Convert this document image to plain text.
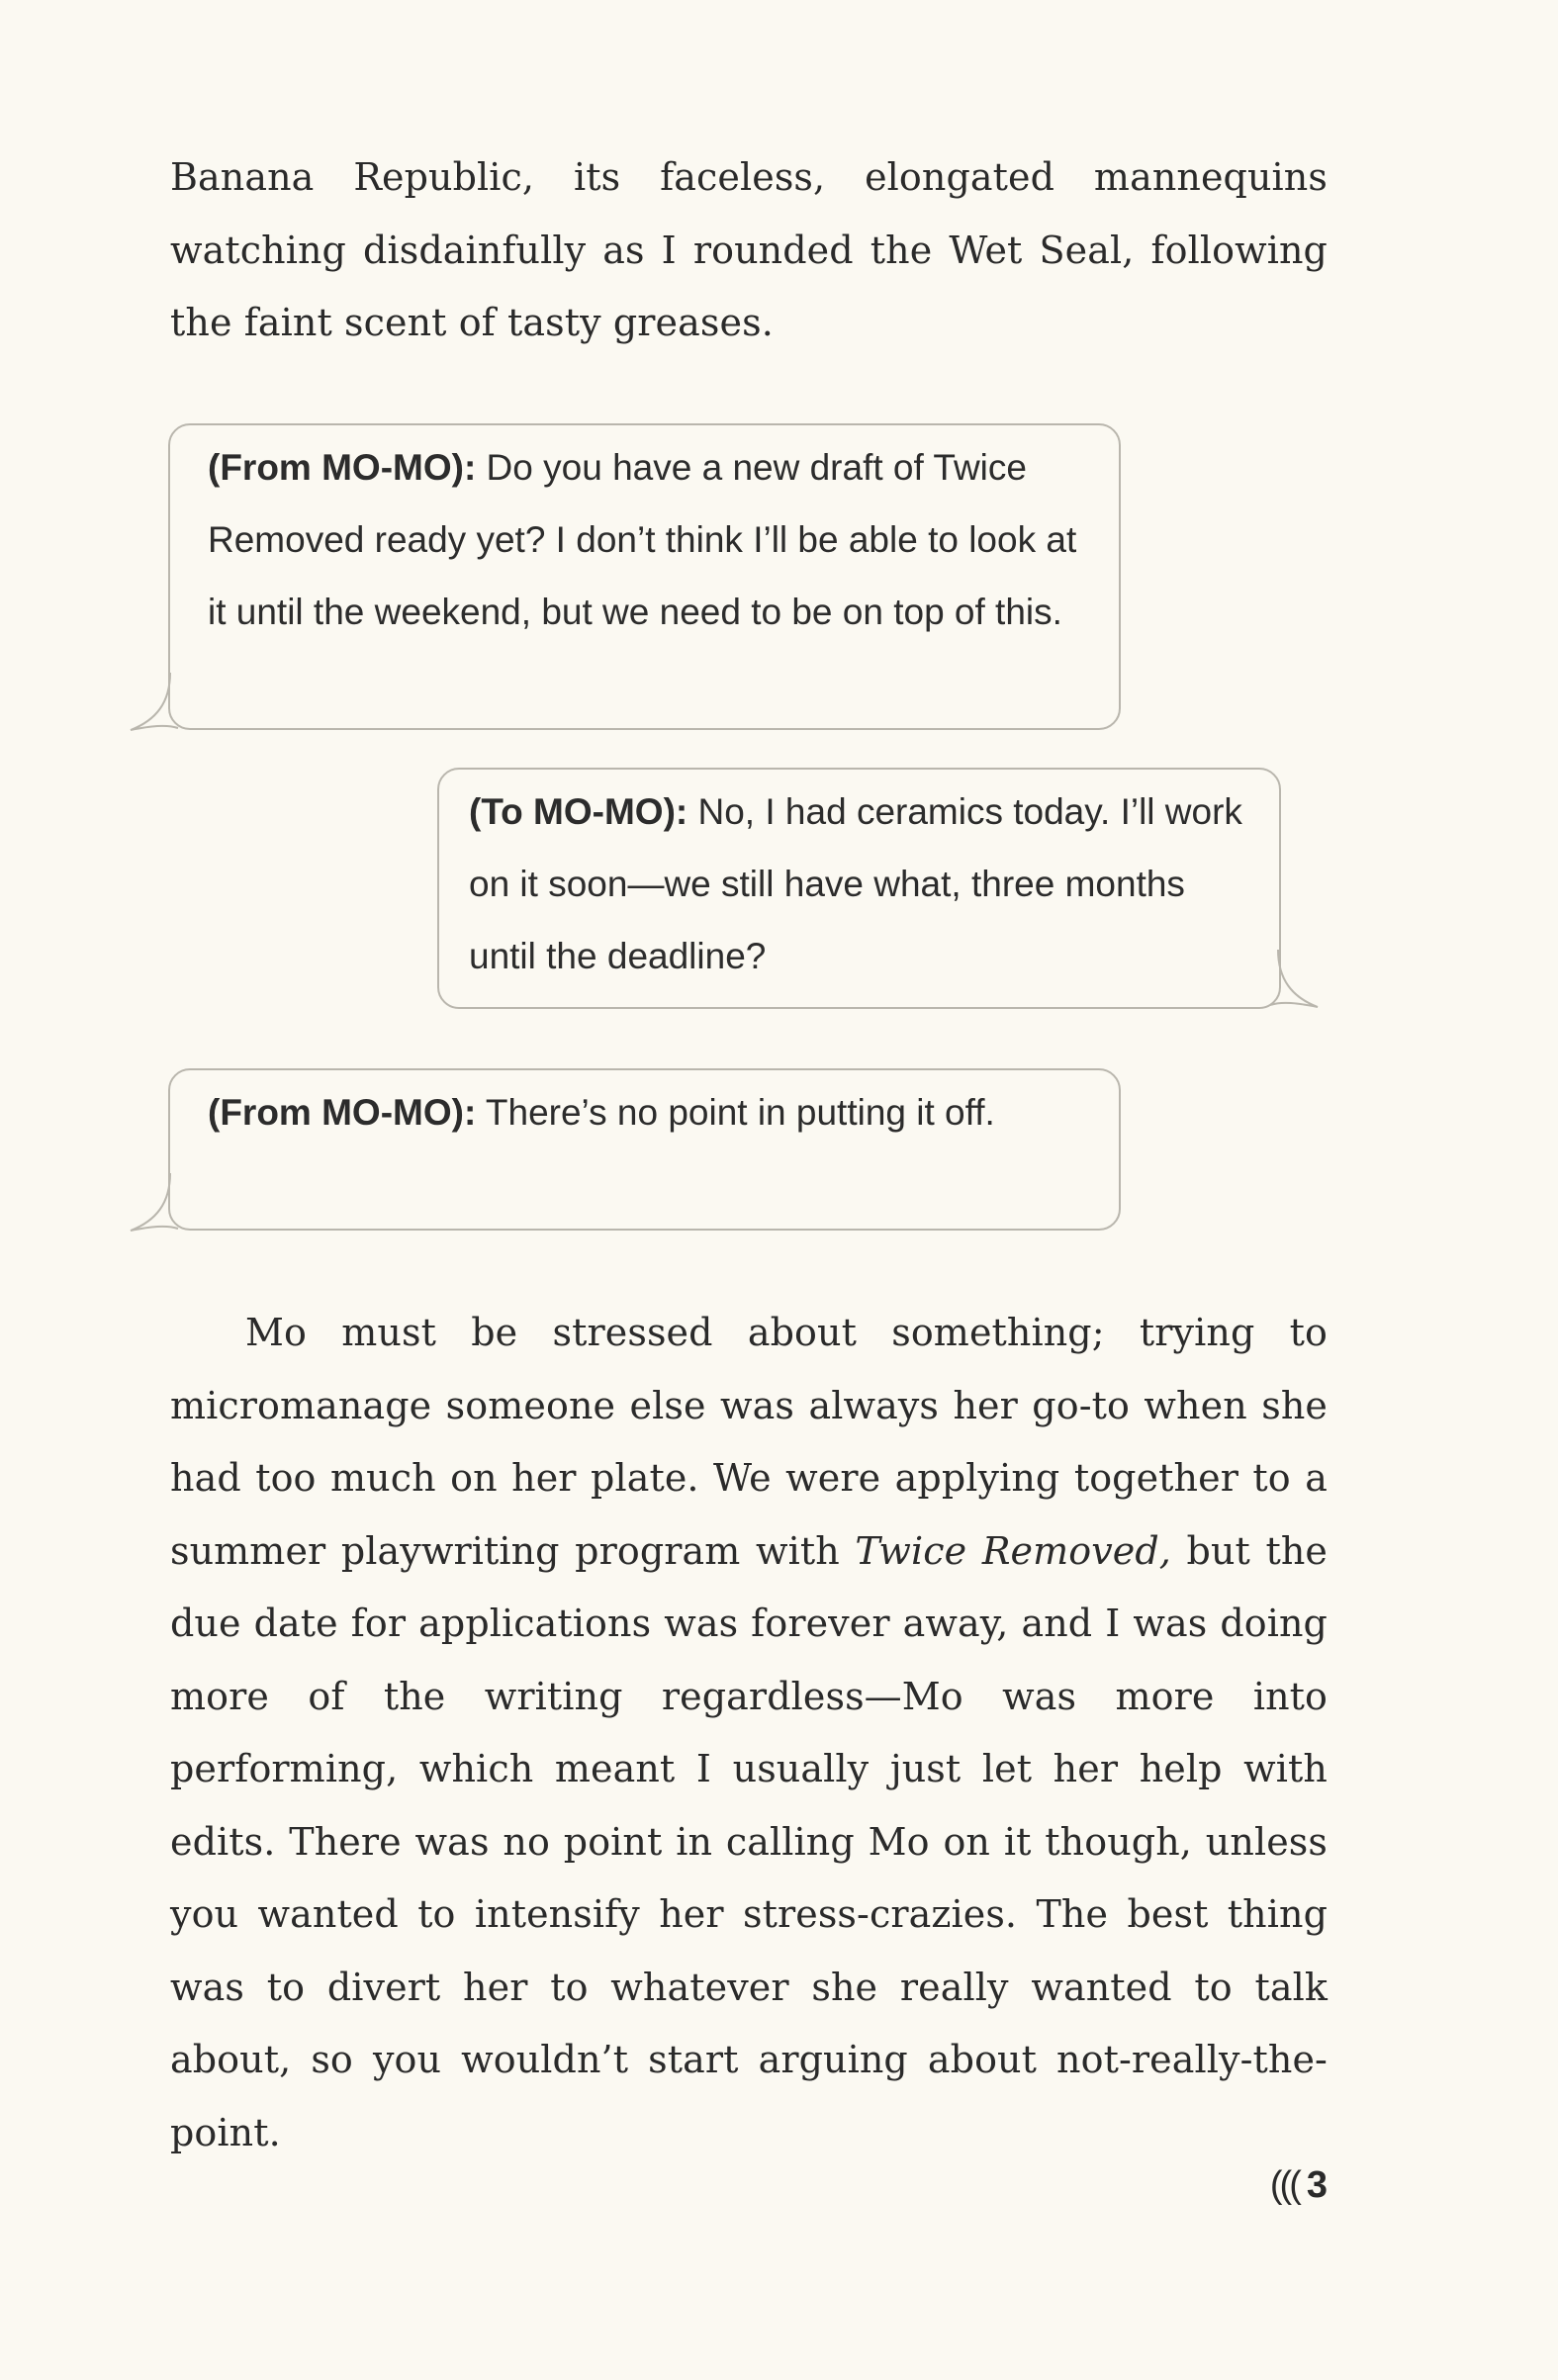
Banana Republic, its faceless, elongated mannequins watching disdainfully as I rounded the Wet Seal, following the faint scent of tasty greases.

(From MO-MO): Do you have a new draft of Twice Removed ready yet? I don’t think I’ll be able to look at it until the weekend, but we need to be on top of this.
(To MO-MO): No, I had ceramics today. I’ll work on it soon—we still have what, three months until the deadline?
(From MO-MO): There’s no point in putting it off.

Mo must be stressed about something; trying to micromanage someone else was always her go-to when she had too much on her plate. We were applying together to a summer playwriting program with Twice Removed, but the due date for applications was forever away, and I was doing more of the writing regardless—Mo was more into performing, which meant I usually just let her help with edits. There was no point in calling Mo on it though, unless you wanted to intensify her stress-crazies. The best thing was to divert her to whatever she really wanted to talk about, so you wouldn’t start arguing about not-really-the-point.

((( 3
